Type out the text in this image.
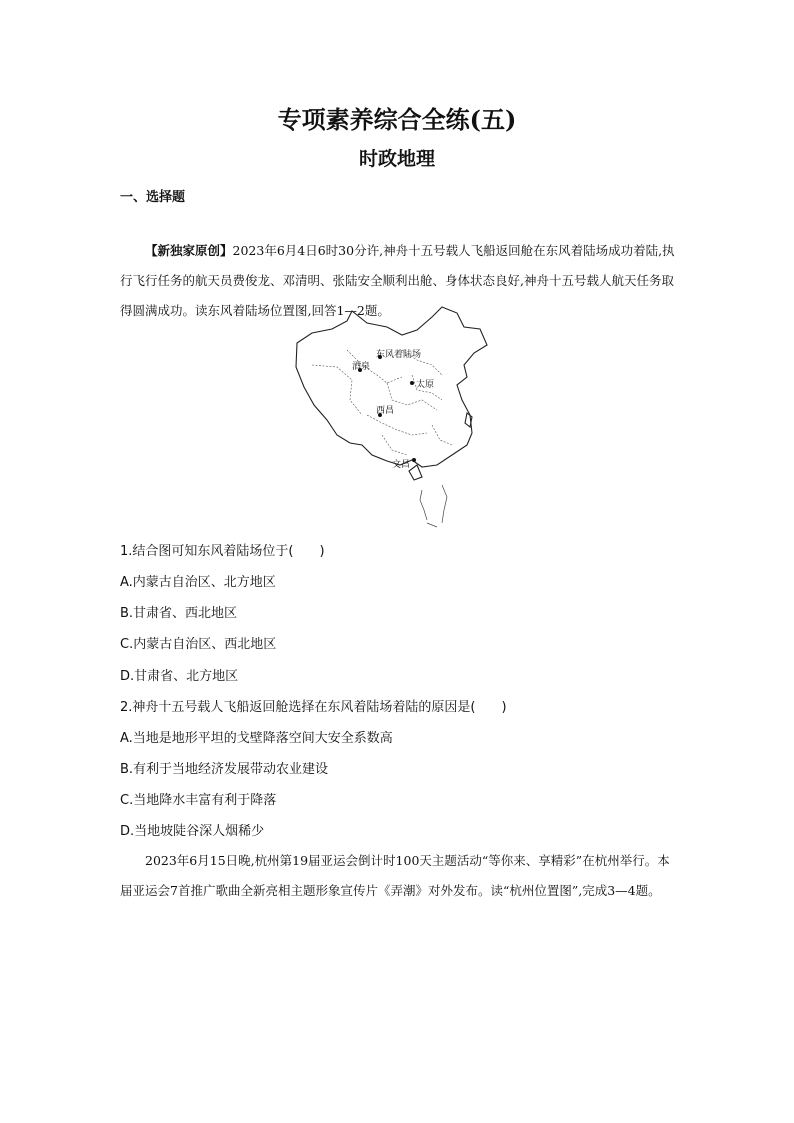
专项素养综合全练(五)
时政地理
一、选择题

【新独家原创】2023年6月4日6时30分许,神舟十五号载人飞船返回舱在东风着陆场成功着陆,执行飞行任务的航天员费俊龙、邓清明、张陆安全顺利出舱、身体状态良好,神舟十五号载人航天任务取得圆满成功。读东风着陆场位置图,回答1—2题。

东风着陆场
酒泉
太原
西昌
文昌
1.结合图可知东风着陆场位于(　　)
A.内蒙古自治区、北方地区
B.甘肃省、西北地区
C.内蒙古自治区、西北地区
D.甘肃省、北方地区
2.神舟十五号载人飞船返回舱选择在东风着陆场着陆的原因是(　　)
A.当地是地形平坦的戈壁降落空间大安全系数高
B.有利于当地经济发展带动农业建设
C.当地降水丰富有利于降落
D.当地坡陡谷深人烟稀少

2023年6月15日晚,杭州第19届亚运会倒计时100天主题活动“等你来、享精彩”在杭州举行。本届亚运会7首推广歌曲全新亮相主题形象宣传片《弄潮》对外发布。读“杭州位置图”,完成3—4题。
